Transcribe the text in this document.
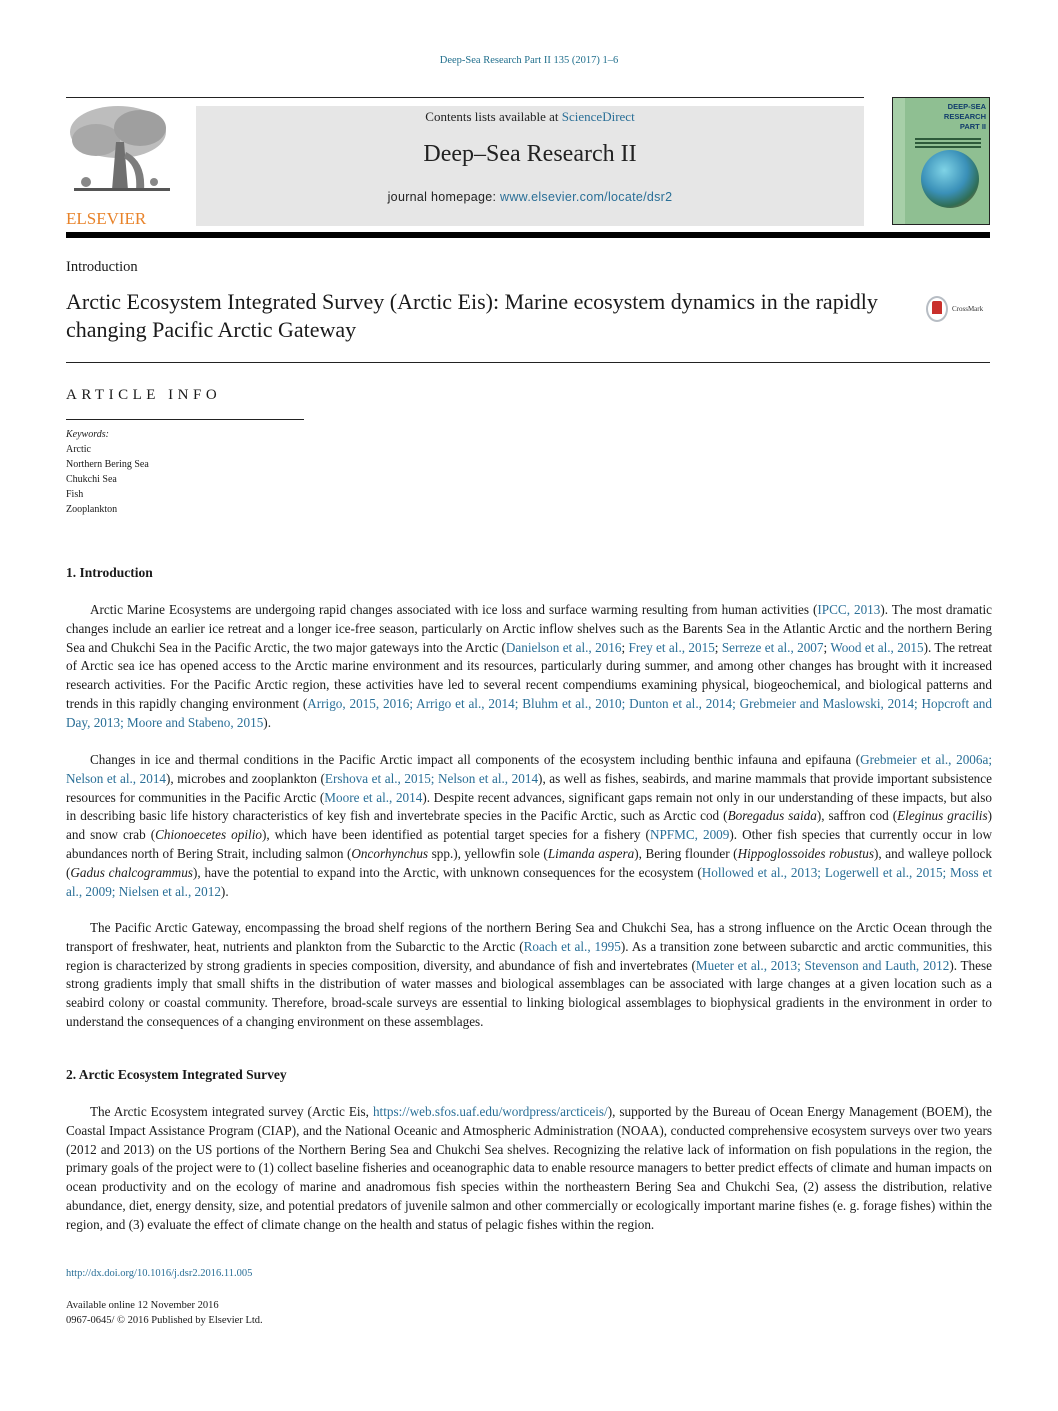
Deep-Sea Research Part II 135 (2017) 1–6
ELSEVIER
Contents lists available at ScienceDirect
Deep–Sea Research II
journal homepage: www.elsevier.com/locate/dsr2
DEEP-SEA RESEARCH
PART II
Introduction
Arctic Ecosystem Integrated Survey (Arctic Eis): Marine ecosystem dynamics in the rapidly changing Pacific Arctic Gateway
CrossMark
ARTICLE INFO
Keywords:
Arctic
Northern Bering Sea
Chukchi Sea
Fish
Zooplankton
1. Introduction
Arctic Marine Ecosystems are undergoing rapid changes associated with ice loss and surface warming resulting from human activities (IPCC, 2013). The most dramatic changes include an earlier ice retreat and a longer ice-free season, particularly on Arctic inflow shelves such as the Barents Sea in the Atlantic Arctic and the northern Bering Sea and Chukchi Sea in the Pacific Arctic, the two major gateways into the Arctic (Danielson et al., 2016; Frey et al., 2015; Serreze et al., 2007; Wood et al., 2015). The retreat of Arctic sea ice has opened access to the Arctic marine environment and its resources, particularly during summer, and among other changes has brought with it increased research activities. For the Pacific Arctic region, these activities have led to several recent compendiums examining physical, biogeochemical, and biological patterns and trends in this rapidly changing environment (Arrigo, 2015, 2016; Arrigo et al., 2014; Bluhm et al., 2010; Dunton et al., 2014; Grebmeier and Maslowski, 2014; Hopcroft and Day, 2013; Moore and Stabeno, 2015).
Changes in ice and thermal conditions in the Pacific Arctic impact all components of the ecosystem including benthic infauna and epifauna (Grebmeier et al., 2006a; Nelson et al., 2014), microbes and zooplankton (Ershova et al., 2015; Nelson et al., 2014), as well as fishes, seabirds, and marine mammals that provide important subsistence resources for communities in the Pacific Arctic (Moore et al., 2014). Despite recent advances, significant gaps remain not only in our understanding of these impacts, but also in describing basic life history characteristics of key fish and invertebrate species in the Pacific Arctic, such as Arctic cod (Boregadus saida), saffron cod (Eleginus gracilis) and snow crab (Chionoecetes opilio), which have been identified as potential target species for a fishery (NPFMC, 2009). Other fish species that currently occur in low abundances north of Bering Strait, including salmon (Oncorhynchus spp.), yellowfin sole (Limanda aspera), Bering flounder (Hippoglossoides robustus), and walleye pollock (Gadus chalcogrammus), have the potential to expand into the Arctic, with unknown consequences for the ecosystem (Hollowed et al., 2013; Logerwell et al., 2015; Moss et al., 2009; Nielsen et al., 2012).
The Pacific Arctic Gateway, encompassing the broad shelf regions of the northern Bering Sea and Chukchi Sea, has a strong influence on the Arctic Ocean through the transport of freshwater, heat, nutrients and plankton from the Subarctic to the Arctic (Roach et al., 1995). As a transition zone between subarctic and arctic communities, this region is characterized by strong gradients in species composition, diversity, and abundance of fish and invertebrates (Mueter et al., 2013; Stevenson and Lauth, 2012). These strong gradients imply that small shifts in the distribution of water masses and biological assemblages can be associated with large changes at a given location such as a seabird colony or coastal community. Therefore, broad-scale surveys are essential to linking biological assemblages to biophysical gradients in the environment in order to understand the consequences of a changing environment on these assemblages.
2. Arctic Ecosystem Integrated Survey
The Arctic Ecosystem integrated survey (Arctic Eis, https://web.sfos.uaf.edu/wordpress/arcticeis/), supported by the Bureau of Ocean Energy Management (BOEM), the Coastal Impact Assistance Program (CIAP), and the National Oceanic and Atmospheric Administration (NOAA), conducted comprehensive ecosystem surveys over two years (2012 and 2013) on the US portions of the Northern Bering Sea and Chukchi Sea shelves. Recognizing the relative lack of information on fish populations in the region, the primary goals of the project were to (1) collect baseline fisheries and oceanographic data to enable resource managers to better predict effects of climate and human impacts on ocean productivity and on the ecology of marine and anadromous fish species within the northeastern Bering Sea and Chukchi Sea, (2) assess the distribution, relative abundance, diet, energy density, size, and potential predators of juvenile salmon and other commercially or ecologically important marine fishes (e. g. forage fishes) within the region, and (3) evaluate the effect of climate change on the health and status of pelagic fishes within the region.
http://dx.doi.org/10.1016/j.dsr2.2016.11.005
Available online 12 November 2016
0967-0645/ © 2016 Published by Elsevier Ltd.
